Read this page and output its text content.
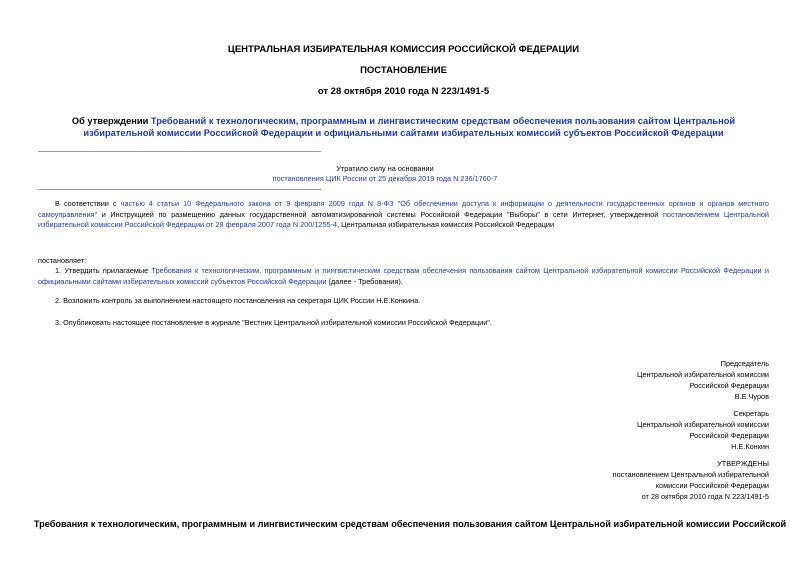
ЦЕНТРАЛЬНАЯ ИЗБИРАТЕЛЬНАЯ КОМИССИЯ РОССИЙСКОЙ ФЕДЕРАЦИИ
ПОСТАНОВЛЕНИЕ
от 28 октября 2010 года N 223/1491-5
Об утверждении Требований к технологическим, программным и лингвистическим средствам обеспечения пользования сайтом Центральной избирательной комиссии Российской Федерации и официальными сайтами избирательных комиссий субъектов Российской Федерации
Утратило силу на основании
постановления ЦИК России от 25 декабря 2019 года N 236/1760-7
В соответствии с частью 4 статьи 10 Федерального закона от 9 февраля 2009 года N 8-ФЗ "Об обеспечении доступа к информации о деятельности государственных органов и органов местного самоуправления" и Инструкцией по размещению данных государственной автоматизированной системы Российской Федерации "Выборы" в сети Интернет, утвержденной постановлением Центральной избирательной комиссии Российской Федерации от 28 февраля 2007 года N 200/1255-4, Центральная избирательная комиссия Российской Федерации
постановляет:
1. Утвердить прилагаемые Требования к технологическим, программным и лингвистическим средствам обеспечения пользования сайтом Центральной избирательной комиссии Российской Федерации и официальными сайтами избирательных комиссий субъектов Российской Федерации (далее - Требования).
2. Возложить контроль за выполнением настоящего постановления на секретаря ЦИК России Н.Е.Конкина.
3. Опубликовать настоящее постановление в журнале "Вестник Центральной избирательной комиссии Российской Федерации".
Председатель
Центральной избирательной комиссии
Российской Федерации
В.Е.Чуров
Секретарь
Центральной избирательной комиссии
Российской Федерации
Н.Е.Конкин
УТВЕРЖДЕНЫ
постановлением Центральной избирательной
комиссии Российской Федерации
от 28 октября 2010 года N 223/1491-5
Требования к технологическим, программным и лингвистическим средствам обеспечения пользования сайтом Центральной избирательной комиссии Российской
